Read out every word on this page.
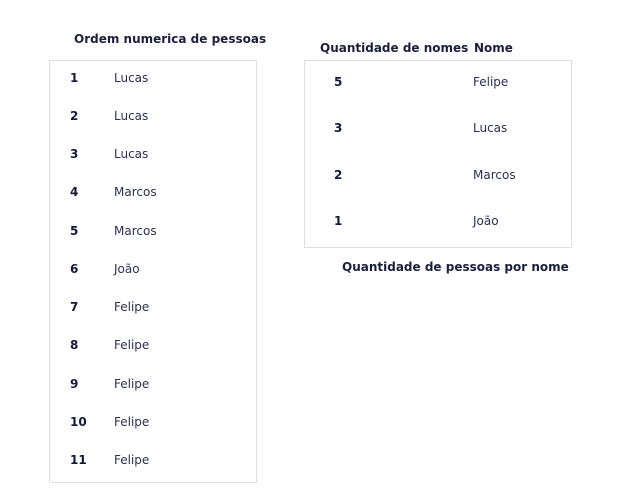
Ordem numerica de pessoas
1	Lucas
2	Lucas
3	Lucas
4	Marcos
5	Marcos
6	João
7	Felipe
8	Felipe
9	Felipe
10 Felipe
11 Felipe
Quantidade de nomes Nome
5	Felipe
3	Lucas
2	Marcos
1	João
Quantidade de pessoas por nome
